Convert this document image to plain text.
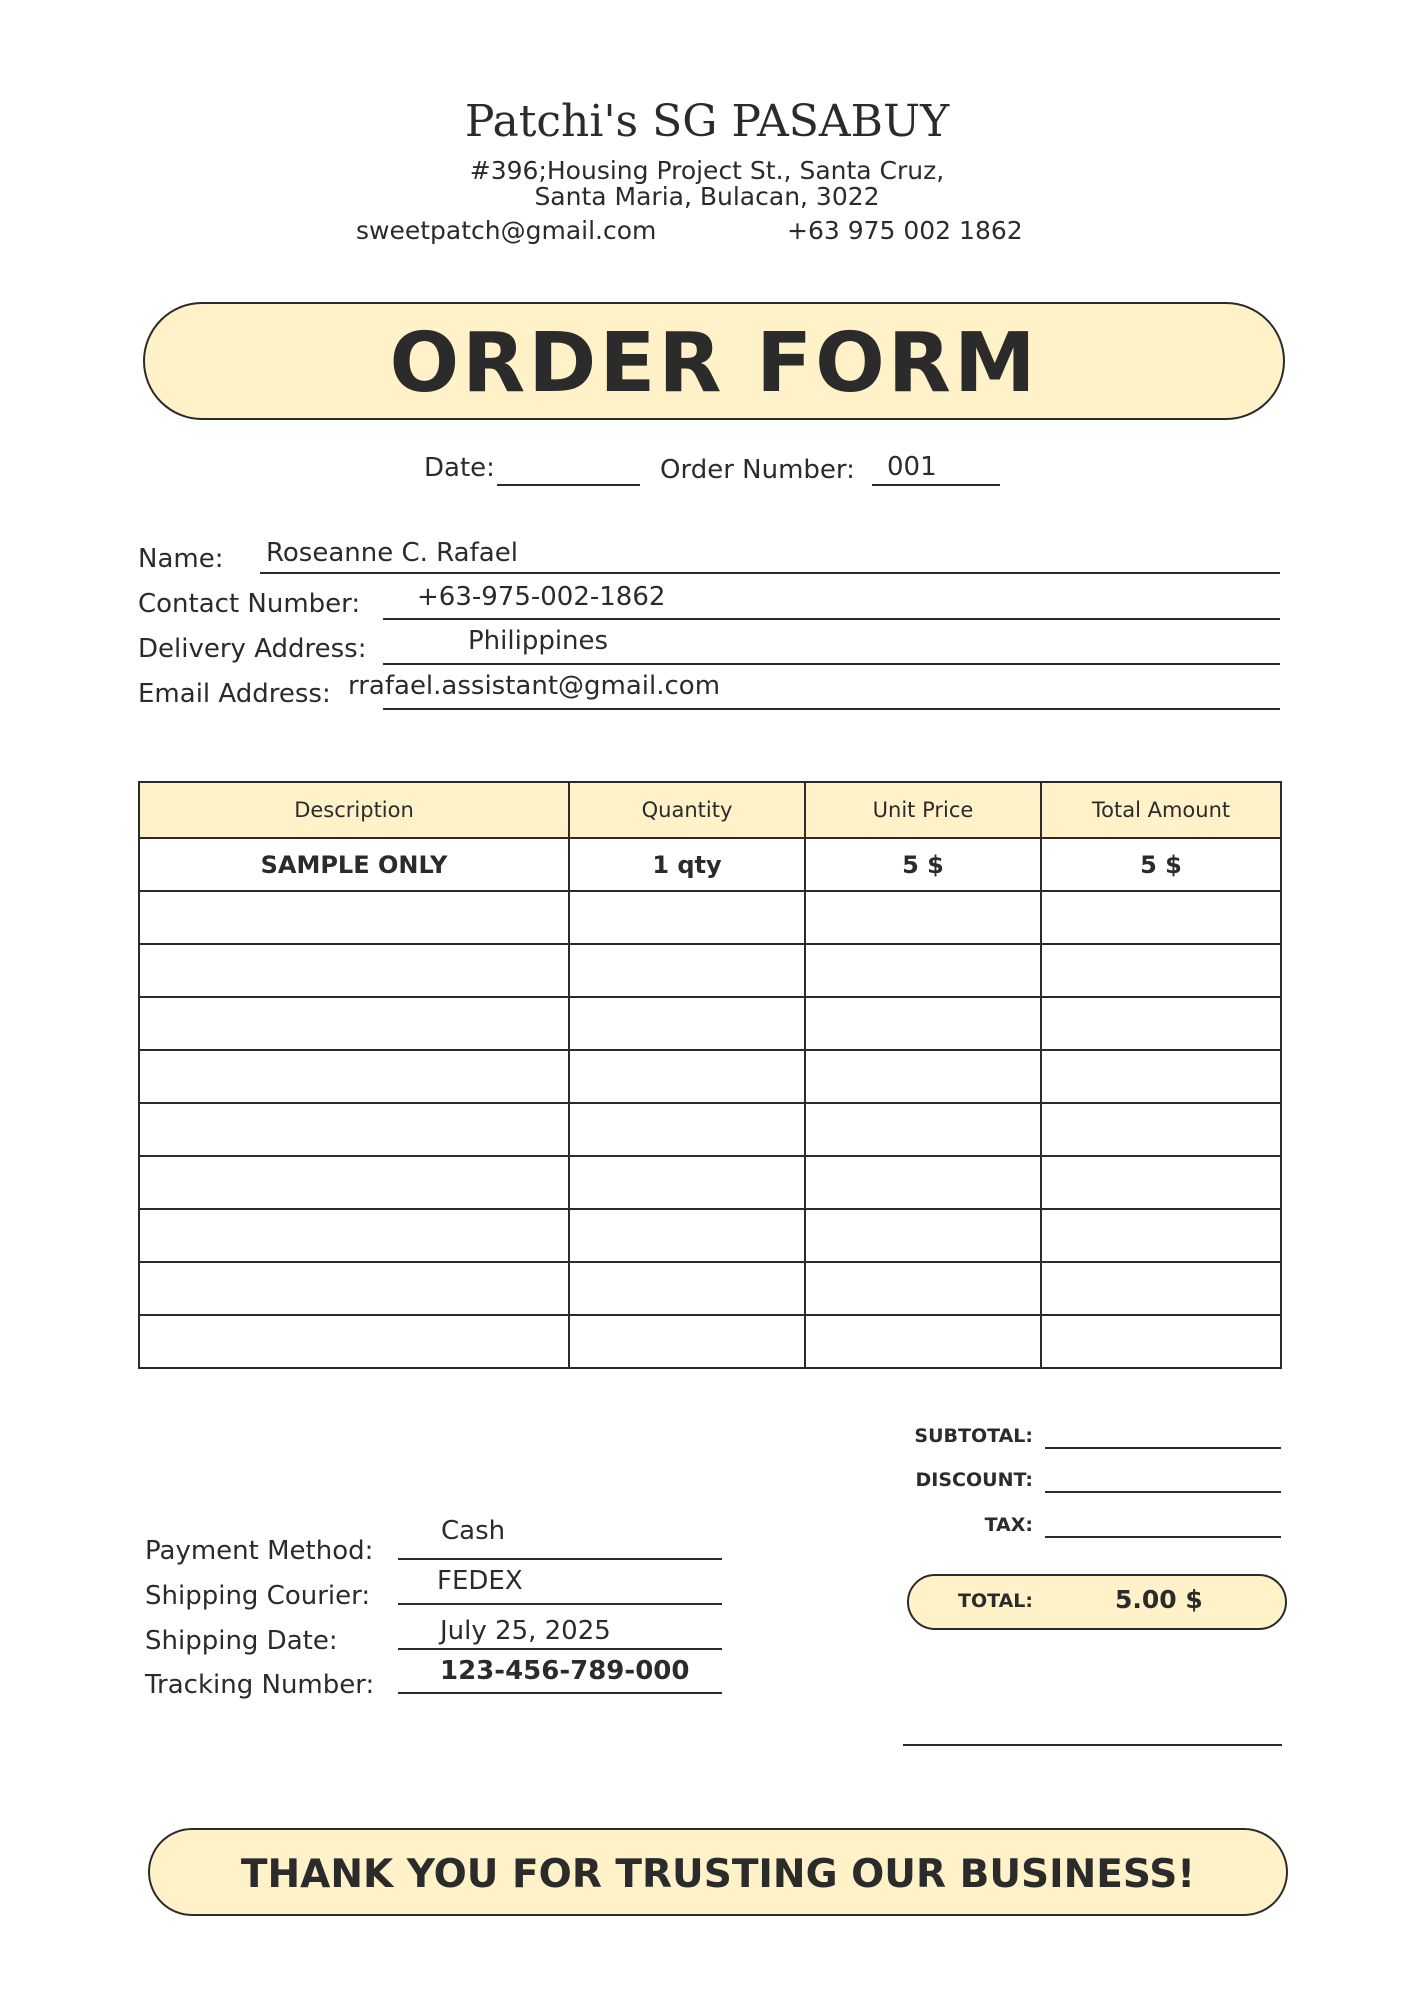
Patchi's SG PASABUY
#396;Housing Project St., Santa Cruz,
Santa Maria, Bulacan, 3022
sweetpatch@gmail.com	+63 975 002 1862
ORDER FORM
Date:	Order Number: 001
Name: Roseanne C. Rafael
Contact Number: +63-975-002-1862
Delivery Address:	Philippines
Email Address: rrafael.assistant@gmail.com
Description	Quantity	Unit Price	Total Amount
SAMPLE ONLY	1 qty	5 $	5 $

SUBTOTAL:
DISCOUNT:
TAX:
TOTAL:	5.00 $
Payment Method:
Cash
Shipping Courier:	FEDEX
Shipping Date:	July 25, 2025
Tracking Number:	123-456-789-000
THANK YOU FOR TRUSTING OUR BUSINESS!
